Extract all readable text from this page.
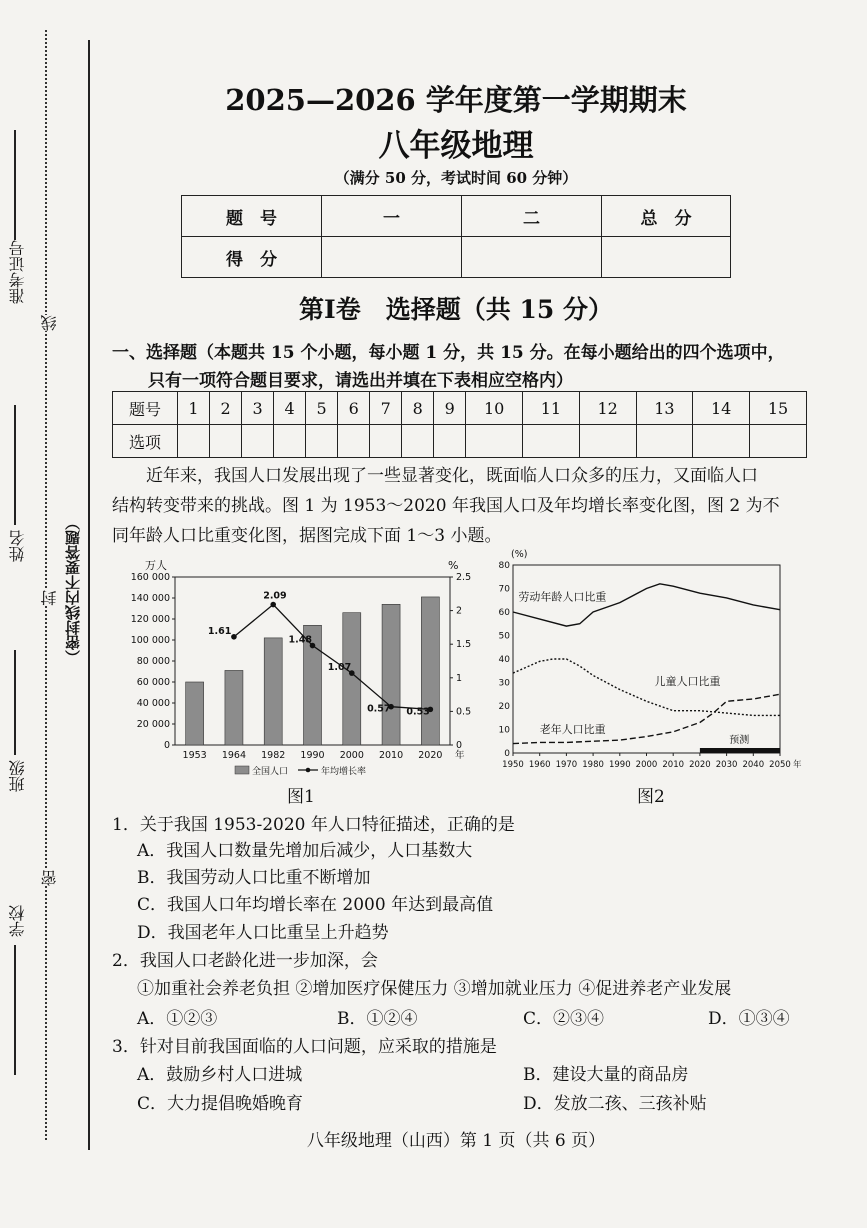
准考证号
线
姓名
封 （密封线内不要答题）
班级
密
学校
2025—2026 学年度第一学期期末
八年级地理
（满分 50 分，考试时间 60 分钟）
题　号	一	二	总　分
得　分			
第Ⅰ卷　选择题（共 15 分）
一、选择题（本题共 15 个小题，每小题 1 分，共 15 分。在每小题给出的四个选项中，
只有一项符合题目要求，请选出并填在下表相应空格内）
题号	1	2	3	4	5	6	7	8	9	10	11	12	13	14	15
选项															
近年来，我国人口发展出现了一些显著变化，既面临人口众多的压力，又面临人口
结构转变带来的挑战。图 1 为 1953～2020 年我国人口及年均增长率变化图，图 2 为不
同年龄人口比重变化图，据图完成下面 1～3 小题。
万人	%
160 000
140 000
120 000
100 000
80 000
60 000
40 000
20 000
0
2.5
2
1.5
1
0.5
0
1953 1964 1982 1990 2000 2010 2020 年
1.61
2.09
1.48
1.07
0.57 0.53
全国人口	年均增长率
图1
(%)
80
70
60
50
40
30
20
10
0
1950 1960 1970 1980 1990 2000 2010 2020 2030 2040 2050 年
预测
劳动年龄人口比重
儿童人口比重
老年人口比重
图2
1．关于我国 1953-2020 年人口特征描述，正确的是
A．我国人口数量先增加后减少，人口基数大
B．我国劳动人口比重不断增加
C．我国人口年均增长率在 2000 年达到最高值
D．我国老年人口比重呈上升趋势
2．我国人口老龄化进一步加深，会
①加重社会养老负担 ②增加医疗保健压力 ③增加就业压力 ④促进养老产业发展
A．①②③	B．①②④	C．②③④	D．①③④
3．针对目前我国面临的人口问题，应采取的措施是
A．鼓励乡村人口进城	B．建设大量的商品房
C．大力提倡晚婚晚育	D．发放二孩、三孩补贴
八年级地理（山西）第 1 页（共 6 页）
